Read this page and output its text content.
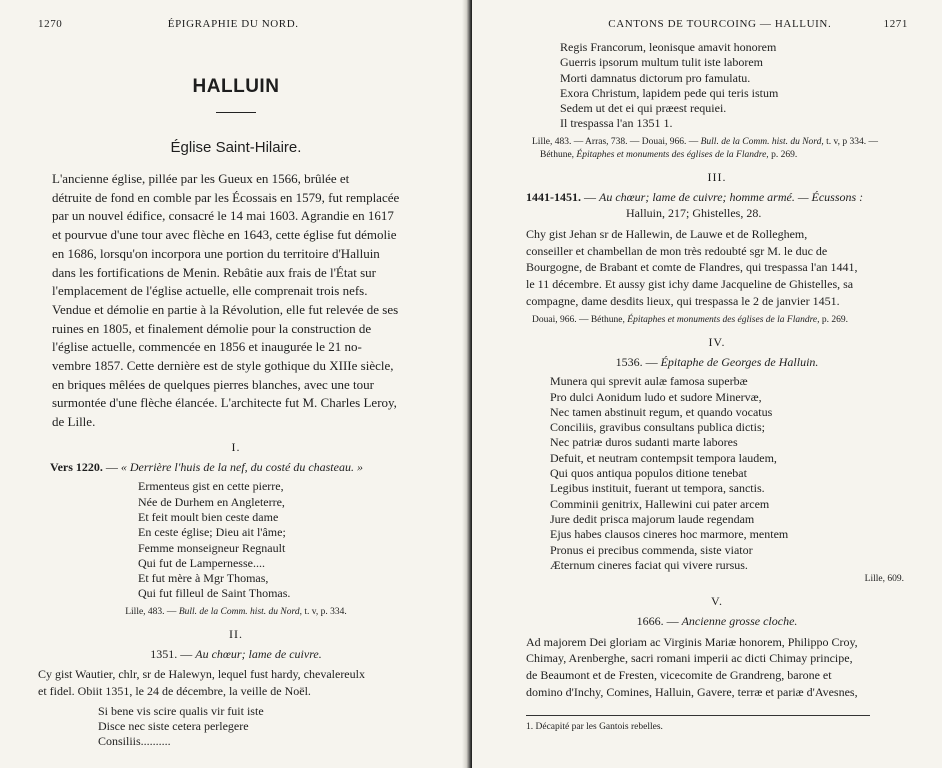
1270	ÉPIGRAPHIE DU NORD.
HALLUIN
Église Saint-Hilaire.
L'ancienne église, pillée par les Gueux en 1566, brûlée et
détruite de fond en comble par les Écossais en 1579, fut remplacée
par un nouvel édifice, consacré le 14 mai 1603. Agrandie en 1617
et pourvue d'une tour avec flèche en 1643, cette église fut démolie
en 1686, lorsqu'on incorpora une portion du territoire d'Halluin
dans les fortifications de Menin. Rebâtie aux frais de l'État sur
l'emplacement de l'église actuelle, elle comprenait trois nefs.
Vendue et démolie en partie à la Révolution, elle fut relevée de ses
ruines en 1805, et finalement démolie pour la construction de
l'église actuelle, commencée en 1856 et inaugurée le 21 no-
vembre 1857. Cette dernière est de style gothique du XIIIe siècle,
en briques mêlées de quelques pierres blanches, avec une tour
surmontée d'une flèche élancée. L'architecte fut M. Charles Leroy,
de Lille.
I.
Vers 1220. — « Derrière l'huis de la nef, du costé du chasteau. »
Ermenteus gist en cette pierre,
Née de Durhem en Angleterre,
Et feit moult bien ceste dame
En ceste église; Dieu ait l'âme;
Femme monseigneur Regnault
Qui fut de Lampernesse....
Et fut mère à Mgr Thomas,
Qui fut filleul de Saint Thomas.
Lille, 483. — Bull. de la Comm. hist. du Nord, t. v, p. 334.
II.
1351. — Au chœur; lame de cuivre.
Cy gist Wautier, chlr, sr de Halewyn, lequel fust hardy, chevalereulx
et fidel. Obiit 1351, le 24 de décembre, la veille de Noël.
Si bene vis scire qualis vir fuit iste
Disce nec siste cetera perlegere
Consiliis..........
CANTONS DE TOURCOING — HALLUIN.	1271
Regis Francorum, leonisque amavit honorem
Guerris ipsorum multum tulit iste laborem
Morti damnatus dictorum pro famulatu.
Exora Christum, lapidem pede qui teris istum
Sedem ut det ei qui præest requiei.
Il trespassa l'an 1351 1.
Lille, 483. — Arras, 738. — Douai, 966. — Bull. de la Comm. hist. du Nord, t. v, p 334. — Béthune, Épitaphes et monuments des églises de la Flandre, p. 269.
III.
1441-1451. — Au chœur; lame de cuivre; homme armé. — Écussons :
Halluin, 217; Ghistelles, 28.
Chy gist Jehan sr de Hallewin, de Lauwe et de Rolleghem,
conseiller et chambellan de mon très redoubté sgr M. le duc de
Bourgogne, de Brabant et comte de Flandres, qui trespassa l'an 1441,
le 11 décembre. Et aussy gist ichy dame Jacqueline de Ghistelles, sa
compagne, dame desdits lieux, qui trespassa le 2 de janvier 1451.
Douai, 966. — Béthune, Épitaphes et monuments des églises de la Flandre, p. 269.
IV.
1536. — Épitaphe de Georges de Halluin.
Munera qui sprevit aulæ famosa superbæ
Pro dulci Aonidum ludo et sudore Minervæ,
Nec tamen abstinuit regum, et quando vocatus
Conciliis, gravibus consultans publica dictis;
Nec patriæ duros sudanti marte labores
Defuit, et neutram contempsit tempora laudem,
Qui quos antiqua populos ditione tenebat
Legibus instituit, fuerant ut tempora, sanctis.
Comminii genitrix, Hallewini cui pater arcem
Jure dedit prisca majorum laude regendam
Ejus habes clausos cineres hoc marmore, mentem
Pronus ei precibus commenda, siste viator
Æternum cineres faciat qui vivere rursus.
Lille, 609.
V.
1666. — Ancienne grosse cloche.
Ad majorem Dei gloriam ac Virginis Mariæ honorem, Philippo Croy,
Chimay, Arenberghe, sacri romani imperii ac dicti Chimay principe,
de Beaumont et de Fresten, vicecomite de Grandreng, barone et
domino d'Inchy, Comines, Halluin, Gavere, terræ et pariæ d'Avesnes,
1. Décapité par les Gantois rebelles.
